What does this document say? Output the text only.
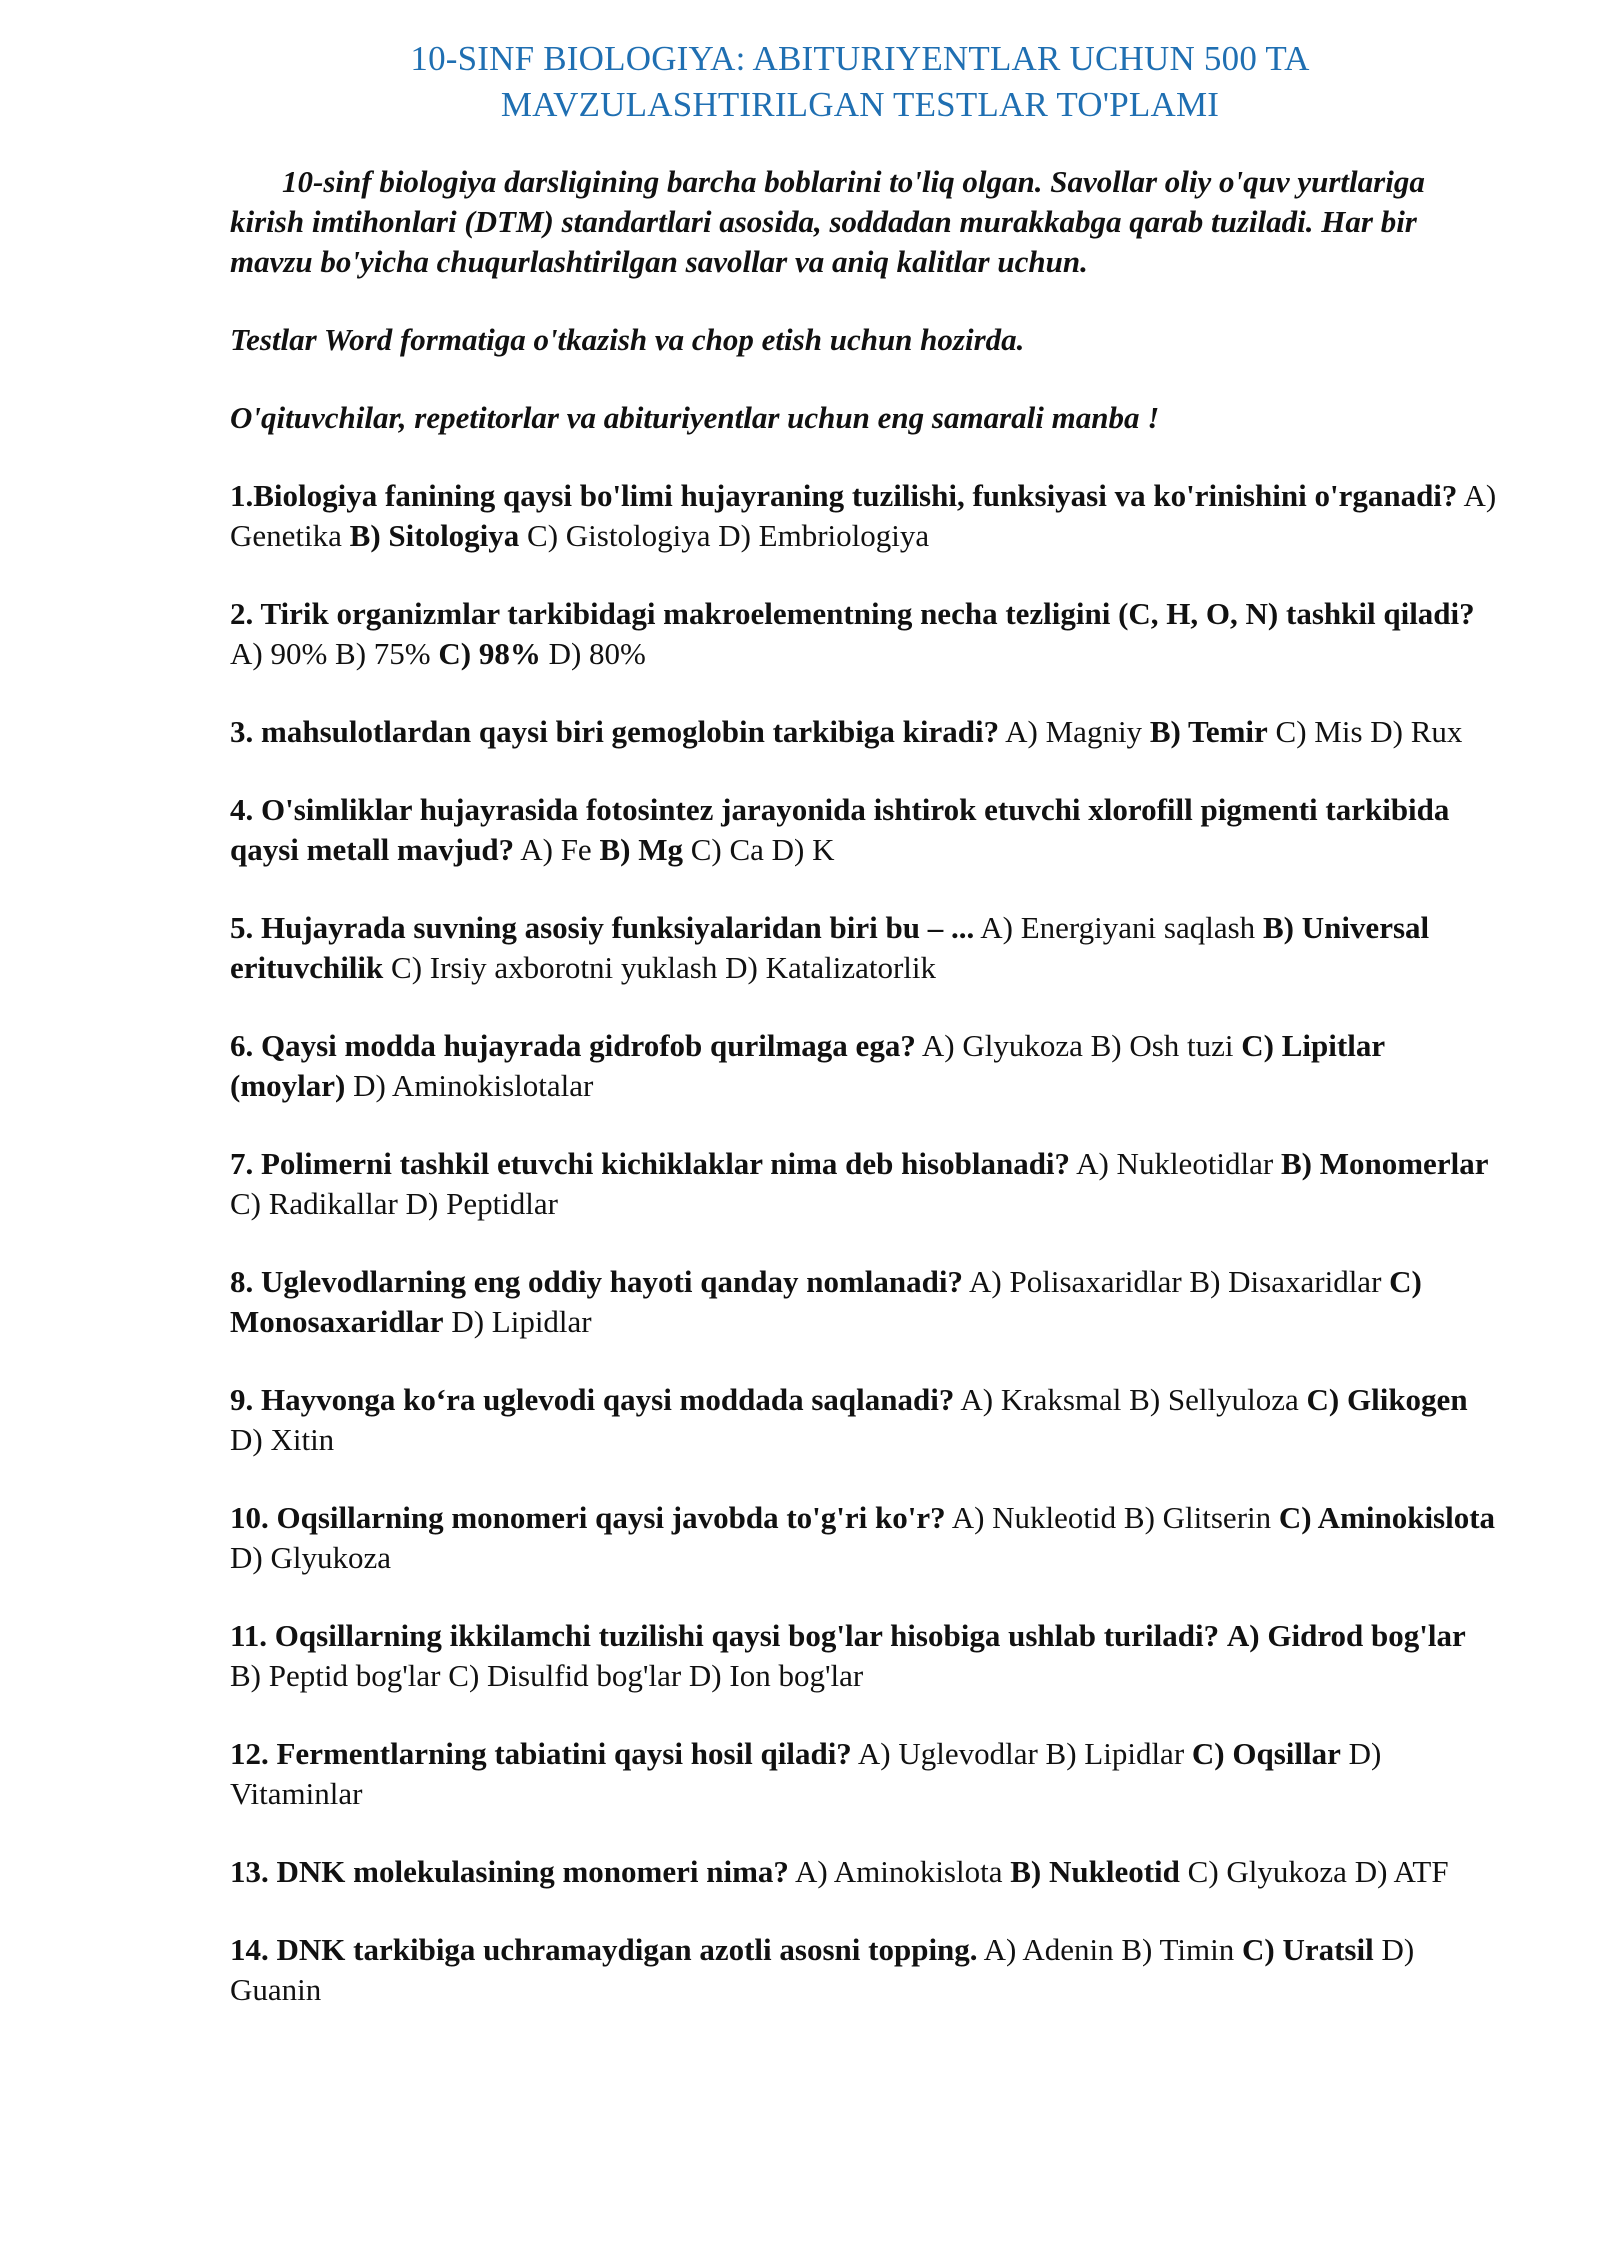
10-SINF BIOLOGIYA: ABITURIYENTLAR UCHUN 500 TA
MAVZULASHTIRILGAN TESTLAR TO'PLAMI

10-sinf biologiya darsligining barcha boblarini to'liq olgan. Savollar oliy o'quv yurtlariga kirish imtihonlari (DTM) standartlari asosida, soddadan murakkabga qarab tuziladi. Har bir mavzu bo'yicha chuqurlashtirilgan savollar va aniq kalitlar uchun.

Testlar Word formatiga o'tkazish va chop etish uchun hozirda.

O'qituvchilar, repetitorlar va abituriyentlar uchun eng samarali manba !

1.Biologiya fanining qaysi bo'limi hujayraning tuzilishi, funksiyasi va ko'rinishini o'rganadi? A) Genetika B) Sitologiya C) Gistologiya D) Embriologiya

2. Tirik organizmlar tarkibidagi makroelementning necha tezligini (C, H, O, N) tashkil qiladi? A) 90% B) 75% C) 98% D) 80%

3. mahsulotlardan qaysi biri gemoglobin tarkibiga kiradi? A) Magniy B) Temir C) Mis D) Rux

4. O'simliklar hujayrasida fotosintez jarayonida ishtirok etuvchi xlorofill pigmenti tarkibida qaysi metall mavjud? A) Fe B) Mg C) Ca D) K

5. Hujayrada suvning asosiy funksiyalaridan biri bu – ... A) Energiyani saqlash B) Universal erituvchilik C) Irsiy axborotni yuklash D) Katalizatorlik

6. Qaysi modda hujayrada gidrofob qurilmaga ega? A) Glyukoza B) Osh tuzi C) Lipitlar (moylar) D) Aminokislotalar

7. Polimerni tashkil etuvchi kichiklaklar nima deb hisoblanadi? A) Nukleotidlar B) Monomerlar C) Radikallar D) Peptidlar

8. Uglevodlarning eng oddiy hayoti qanday nomlanadi? A) Polisaxaridlar B) Disaxaridlar C) Monosaxaridlar D) Lipidlar

9. Hayvonga ko‘ra uglevodi qaysi moddada saqlanadi? A) Kraksmal B) Sellyuloza C) Glikogen D) Xitin

10. Oqsillarning monomeri qaysi javobda to'g'ri ko'r? A) Nukleotid B) Glitserin C) Aminokislota D) Glyukoza

11. Oqsillarning ikkilamchi tuzilishi qaysi bog'lar hisobiga ushlab turiladi? A) Gidrod bog'lar B) Peptid bog'lar C) Disulfid bog'lar D) Ion bog'lar

12. Fermentlarning tabiatini qaysi hosil qiladi? A) Uglevodlar B) Lipidlar C) Oqsillar D) Vitaminlar

13. DNK molekulasining monomeri nima? A) Aminokislota B) Nukleotid C) Glyukoza D) ATF

14. DNK tarkibiga uchramaydigan azotli asosni topping. A) Adenin B) Timin C) Uratsil D) Guanin
